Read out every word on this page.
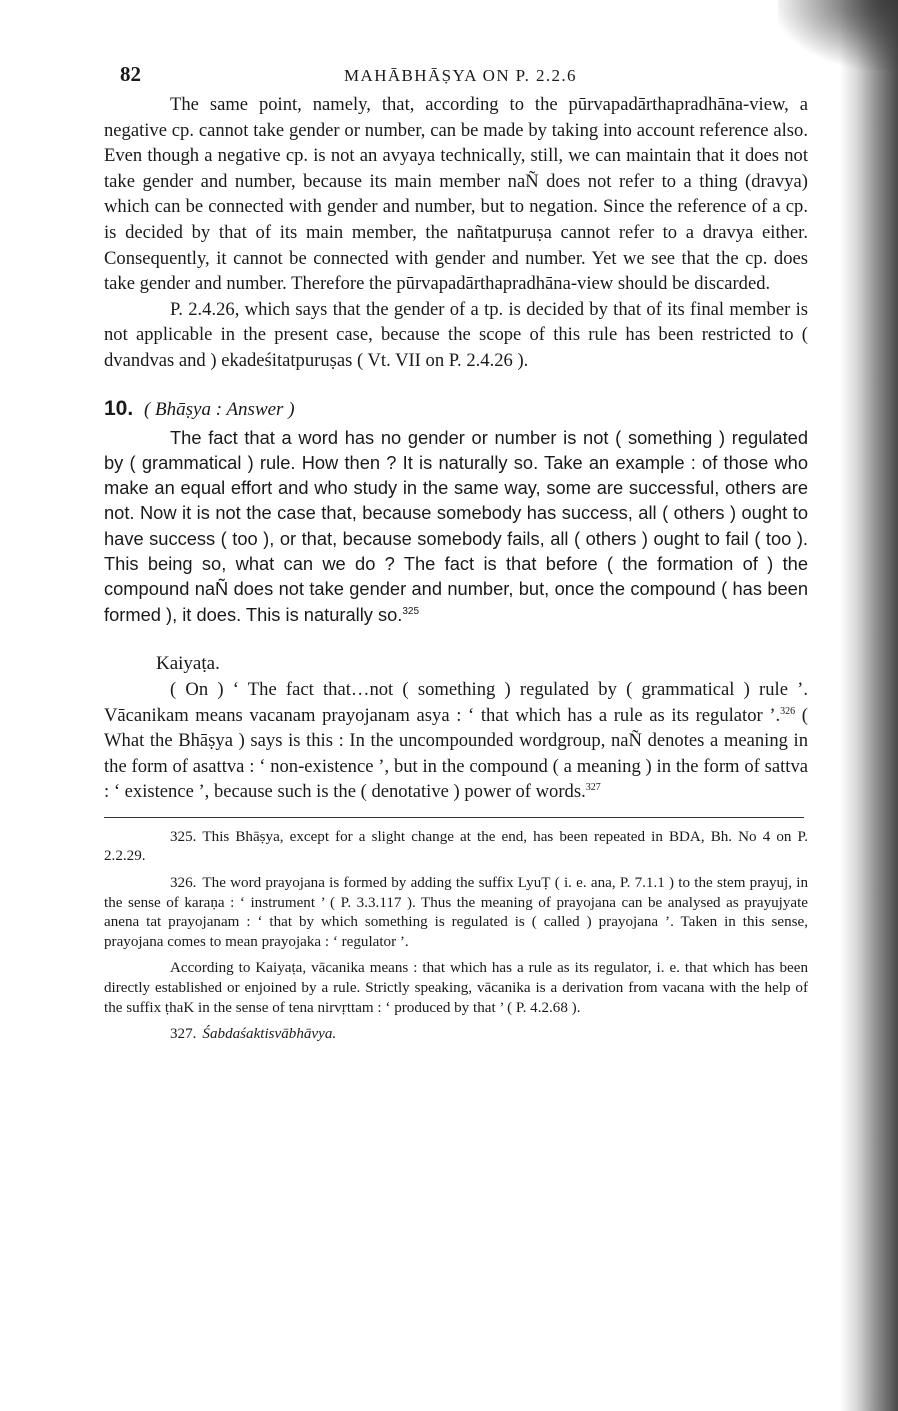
82	MAHĀBHĀṢYA ON P. 2.2.6

The same point, namely, that, according to the pūrvapadārthapradhāna-view, a negative cp. cannot take gender or number, can be made by taking into account reference also. Even though a negative cp. is not an avyaya technically, still, we can maintain that it does not take gender and number, because its main member naÑ does not refer to a thing (dravya) which can be connected with gender and number, but to negation. Since the reference of a cp. is decided by that of its main member, the nañtatpuruṣa cannot refer to a dravya either. Consequently, it cannot be connected with gender and number. Yet we see that the cp. does take gender and number. Therefore the pūrvapadārthapradhāna-view should be discarded.

P. 2.4.26, which says that the gender of a tp. is decided by that of its final member is not applicable in the present case, because the scope of this rule has been restricted to ( dvandvas and ) ekadeśitatpuruṣas ( Vt. VII on P. 2.4.26 ).

10. ( Bhāṣya : Answer )

The fact that a word has no gender or number is not ( something ) regulated by ( grammatical ) rule. How then ? It is naturally so. Take an example : of those who make an equal effort and who study in the same way, some are successful, others are not. Now it is not the case that, because somebody has success, all ( others ) ought to have success ( too ), or that, because somebody fails, all ( others ) ought to fail ( too ). This being so, what can we do ? The fact is that before ( the formation of ) the compound naÑ does not take gender and number, but, once the compound ( has been formed ), it does. This is naturally so.$^{325}$

Kaiyaṭa.

( On ) ‘ The fact that…not ( something ) regulated by ( grammatical ) rule ’. Vācanikam means vacanam prayojanam asya : ‘ that which has a rule as its regulator ’.$^{326}$ ( What the Bhāṣya ) says is this : In the uncompounded wordgroup, naÑ denotes a meaning in the form of asattva : ‘ non-existence ’, but in the compound ( a meaning ) in the form of sattva : ‘ existence ’, because such is the ( denotative ) power of words.$^{327}$

325. This Bhāṣya, except for a slight change at the end, has been repeated in BDA, Bh. No 4 on P. 2.2.29.

326. The word prayojana is formed by adding the suffix LyuṬ ( i. e. ana, P. 7.1.1 ) to the stem prayuj, in the sense of karaṇa : ‘ instrument ’ ( P. 3.3.117 ). Thus the meaning of prayojana can be analysed as prayujyate anena tat prayojanam : ‘ that by which something is regulated is ( called ) prayojana ’. Taken in this sense, prayojana comes to mean prayojaka : ‘ regulator ’.

According to Kaiyaṭa, vācanika means : that which has a rule as its regulator, i. e. that which has been directly established or enjoined by a rule. Strictly speaking, vācanika is a derivation from vacana with the help of the suffix ṭhaK in the sense of tena nirvṛttam : ‘ produced by that ’ ( P. 4.2.68 ).

327. Śabdaśaktisvābhāvya.
